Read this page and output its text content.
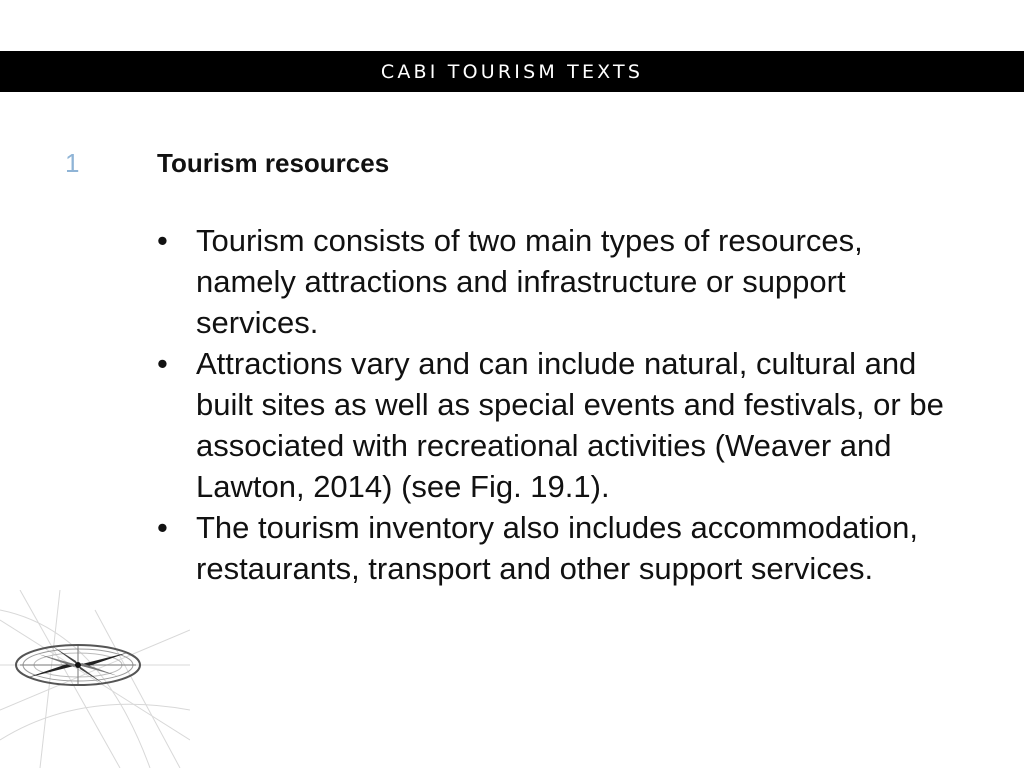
CABI TOURISM TEXTS
1	Tourism resources
• Tourism consists of two main types of resources, namely attractions and infrastructure or support services.
• Attractions vary and can include natural, cultural and built sites as well as special events and festivals, or be associated with recreational activities (Weaver and Lawton, 2014) (see Fig. 19.1).
• The tourism inventory also includes accommodation, restaurants, transport and other support services.
